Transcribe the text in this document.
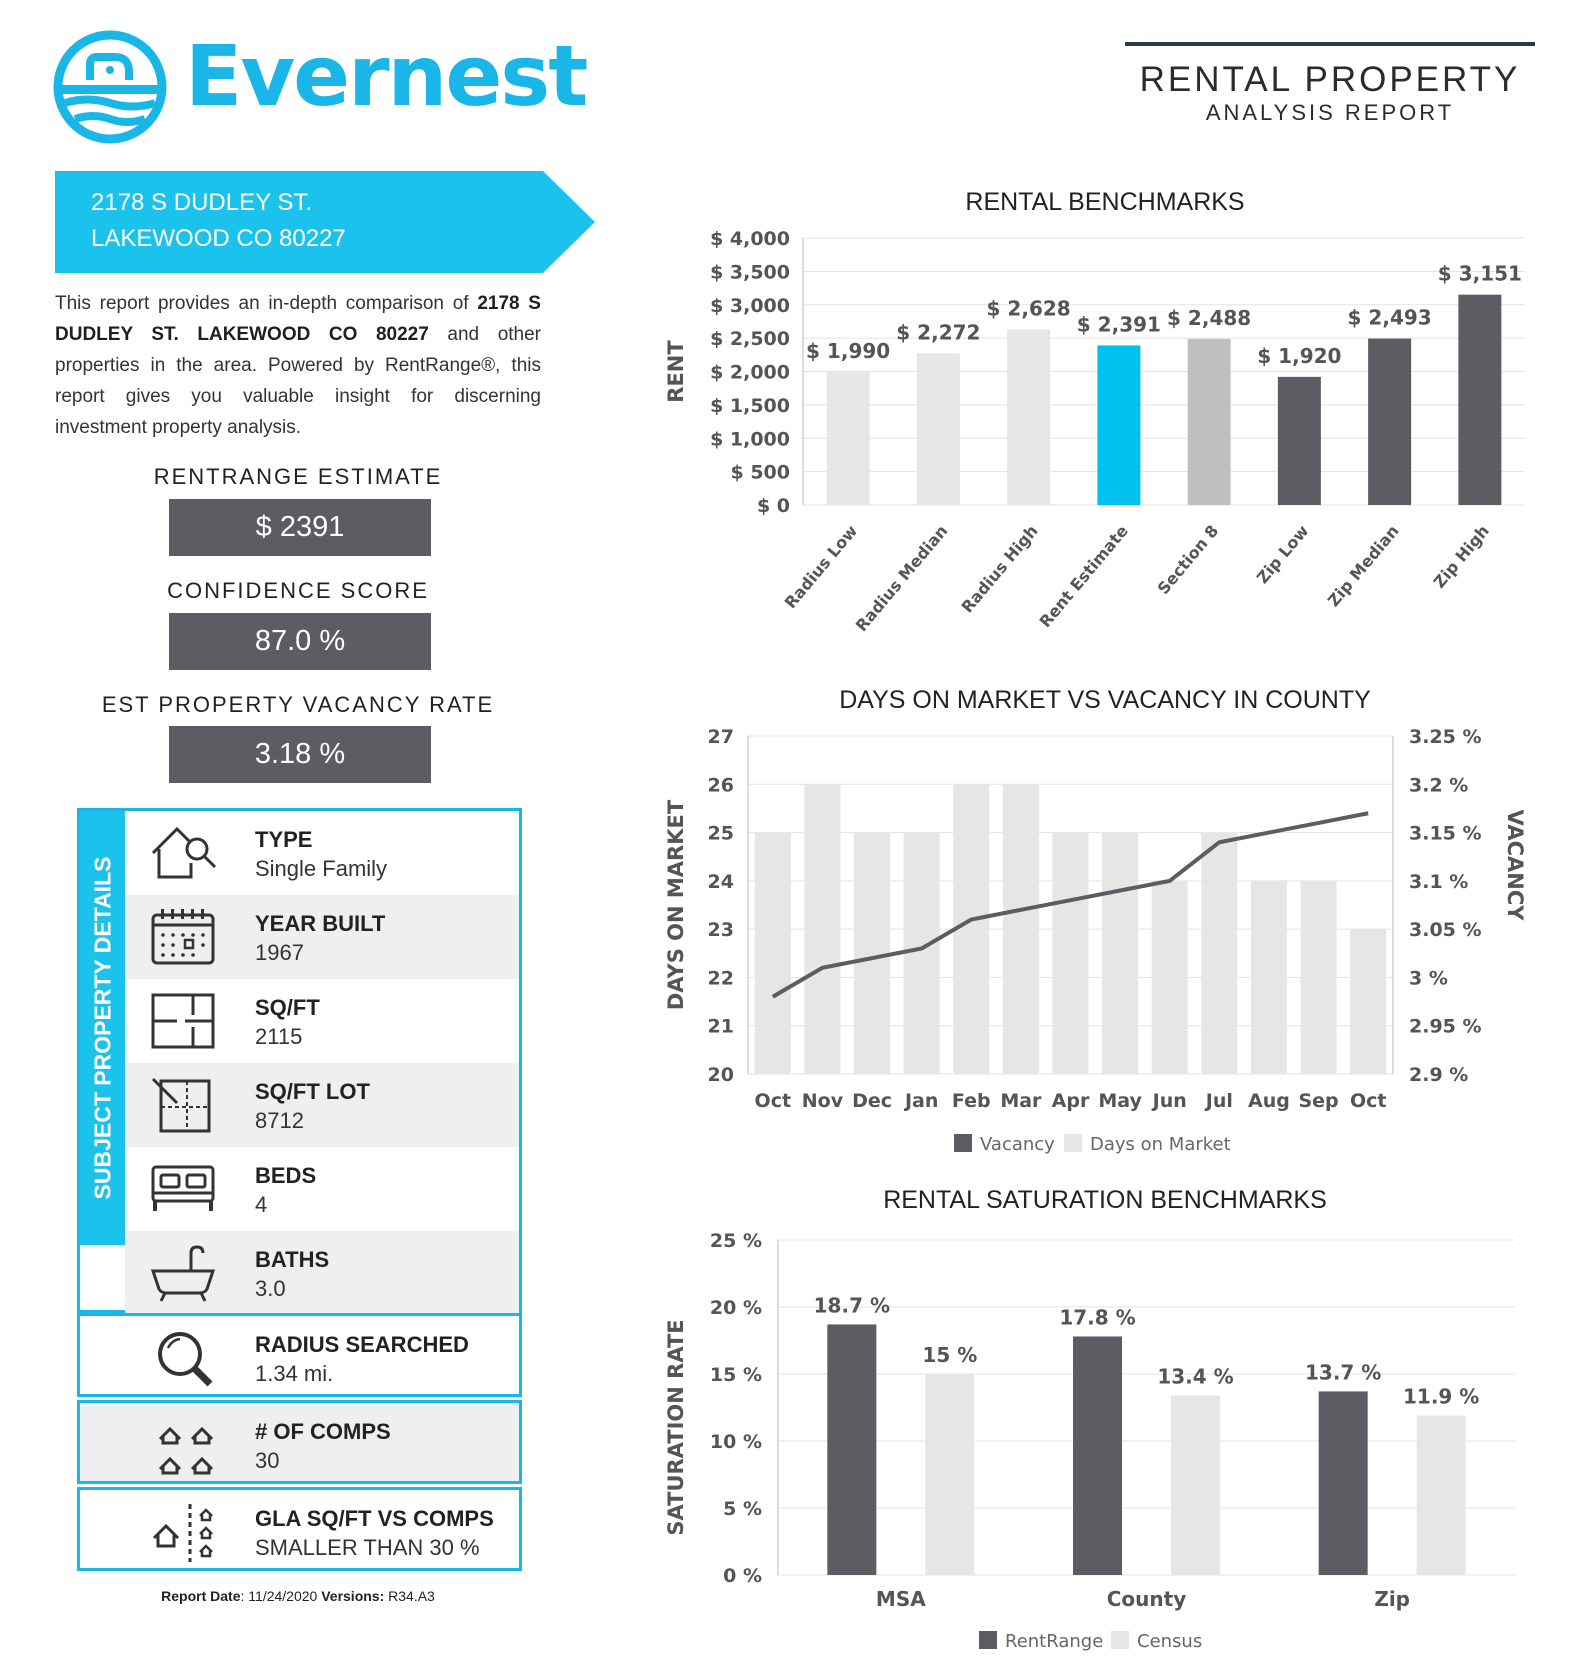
Evernest	RENTAL PROPERTY
ANALYSIS REPORT
2178 S DUDLEY ST.
LAKEWOOD CO 80227
This report provides an in-depth comparison of 2178 S DUDLEY ST. LAKEWOOD CO 80227 and other properties in the area. Powered by RentRange®, this report gives you valuable insight for discerning investment property analysis.
RENTRANGE ESTIMATE
$ 2391
CONFIDENCE SCORE
87.0 %
EST PROPERTY VACANCY RATE
3.18 %
SUBJECT PROPERTY DETAILS
TYPE
Single Family
YEAR BUILT
1967
SQ/FT
2115
SQ/FT LOT
8712
BEDS
4
BATHS
3.0
RADIUS SEARCHED
1.34 mi.
# OF COMPS
30
GLA SQ/FT VS COMPS
SMALLER THAN 30 %
Report Date: 11/24/2020 Versions: R34.A3
RENTAL BENCHMARKS
DAYS ON MARKET VS VACANCY IN COUNTY
RENTAL SATURATION BENCHMARKS
$ 0
$ 500
$ 1,000
$ 1,500
$ 2,000
$ 2,500
$ 3,000
$ 3,500
$ 4,000
$ 1,990
Radius Low
$ 2,272
Radius Median
$ 2,628
Radius High
$ 2,391
Rent Estimate
$ 2,488
Section 8
$ 1,920
Zip Low
$ 2,493
Zip Median
$ 3,151
Zip High
RENT
20
21
22
23
24
25
26
27
2.9 %
2.95 %
3 %
3.05 %
3.1 %
3.15 %
3.2 %
3.25 %
Oct Nov Dec Jan Feb Mar Apr May Jun Jul Aug Sep Oct
DAYS ON MARKET	VACANCY
Vacancy Days on Market
0 %
5 %
10 %
15 %
20 %
25 %
18.7 %
15 %
MSA
17.8 %
13.4 %
County
13.7 %
11.9 %
Zip
SATURATION RATE
RentRange Census
